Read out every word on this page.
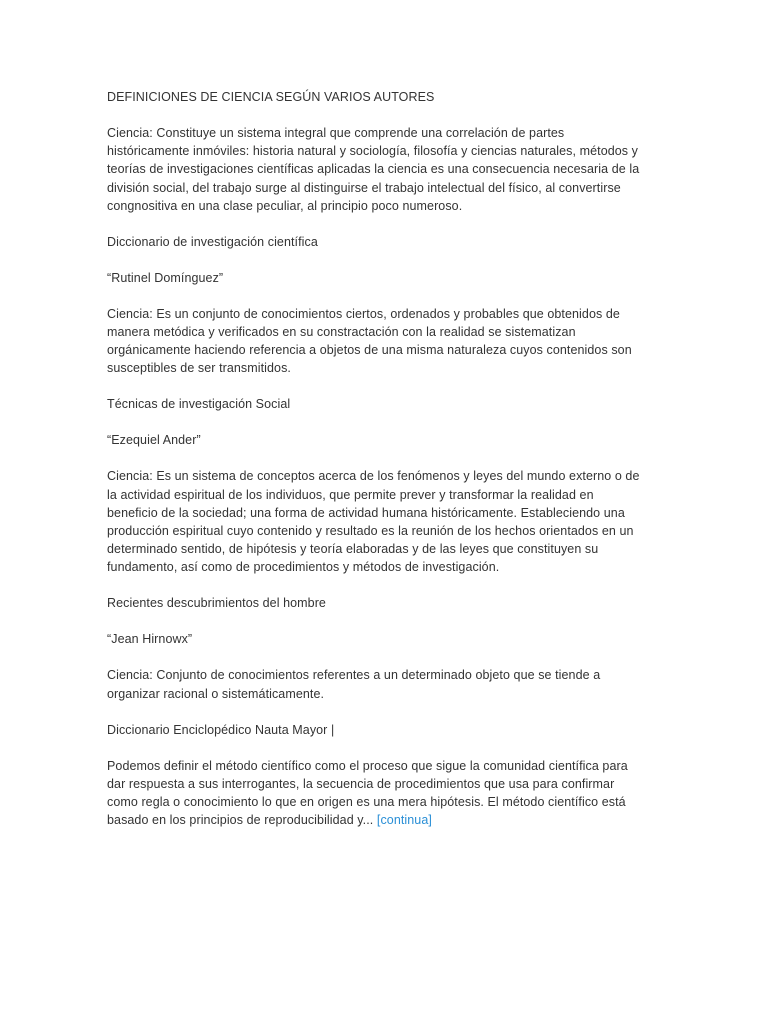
DEFINICIONES DE CIENCIA SEGÚN VARIOS AUTORES

Ciencia: Constituye un sistema integral que comprende una correlación de partes
históricamente inmóviles: historia natural y sociología, filosofía y ciencias naturales, métodos y
teorías de investigaciones científicas aplicadas la ciencia es una consecuencia necesaria de la
división social, del trabajo surge al distinguirse el trabajo intelectual del físico, al convertirse
congnositiva en una clase peculiar, al principio poco numeroso.

Diccionario de investigación científica

“Rutinel Domínguez”

Ciencia: Es un conjunto de conocimientos ciertos, ordenados y probables que obtenidos de
manera metódica y verificados en su constractación con la realidad se sistematizan
orgánicamente haciendo referencia a objetos de una misma naturaleza cuyos contenidos son
susceptibles de ser transmitidos.

Técnicas de investigación Social

“Ezequiel Ander”

Ciencia: Es un sistema de conceptos acerca de los fenómenos y leyes del mundo externo o de
la actividad espiritual de los individuos, que permite prever y transformar la realidad en
beneficio de la sociedad; una forma de actividad humana históricamente. Estableciendo una
producción espiritual cuyo contenido y resultado es la reunión de los hechos orientados en un
determinado sentido, de hipótesis y teoría elaboradas y de las leyes que constituyen su
fundamento, así como de procedimientos y métodos de investigación.

Recientes descubrimientos del hombre

“Jean Hirnowx”

Ciencia: Conjunto de conocimientos referentes a un determinado objeto que se tiende a
organizar racional o sistemáticamente.

Diccionario Enciclopédico Nauta Mayor |

Podemos definir el método científico como el proceso que sigue la comunidad científica para
dar respuesta a sus interrogantes, la secuencia de procedimientos que usa para confirmar
como regla o conocimiento lo que en origen es una mera hipótesis. El método científico está
basado en los principios de reproducibilidad y... [continua]
